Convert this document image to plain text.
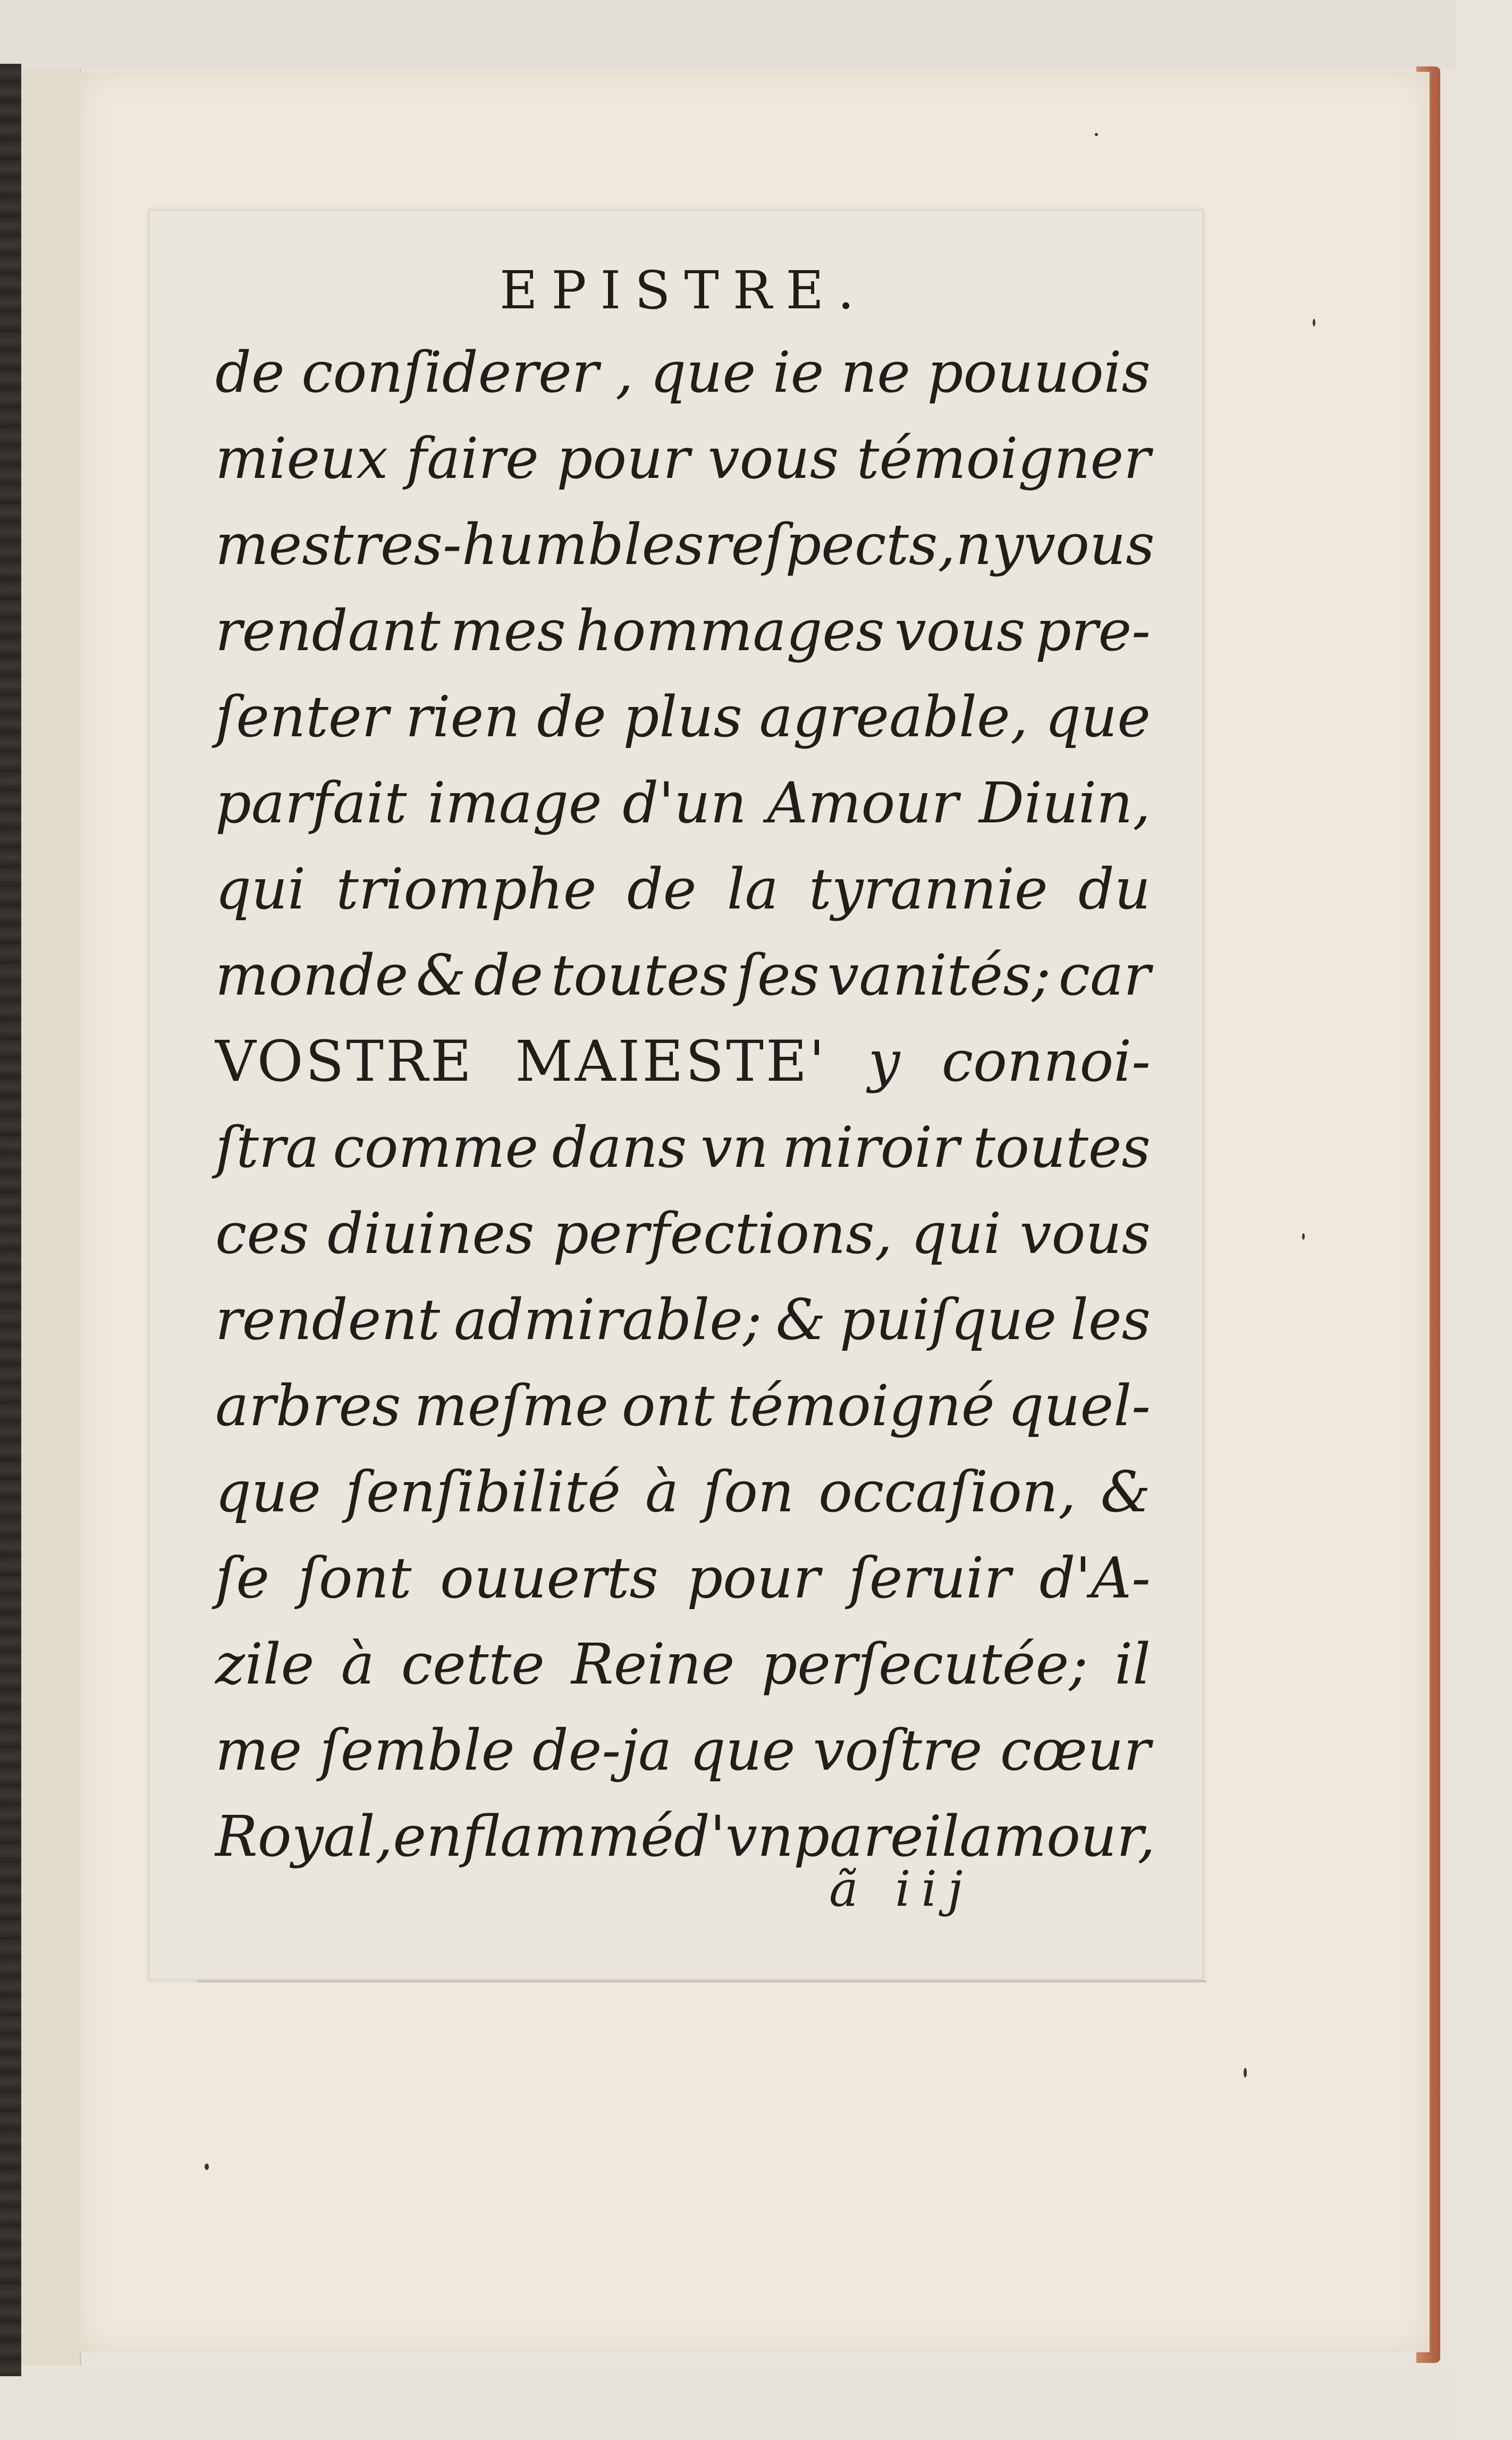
EPISTRE.
de conſiderer , que ie ne pouuois
mieux faire pour vous témoigner
mes tres-humbles reſpects, ny vous
rendant mes hommages vous pre-
ſenter rien de plus agreable, que
parfait image d'un Amour Diuin,
qui triomphe de la tyrannie du
monde & de toutes ſes vanités; car
VOSTRE MAIESTE' y connoi-
ſtra comme dans vn miroir toutes
ces diuines perfections, qui vous
rendent admirable; & puiſque les
arbres meſme ont témoigné quel-
que ſenſibilité à ſon occaſion, &
ſe ſont ouuerts pour ſeruir d'A-
zile à cette Reine perſecutée; il
me ſemble de-ja que voſtre cœur
Royal, enflammé d'vn pareil amour,
ã iij
